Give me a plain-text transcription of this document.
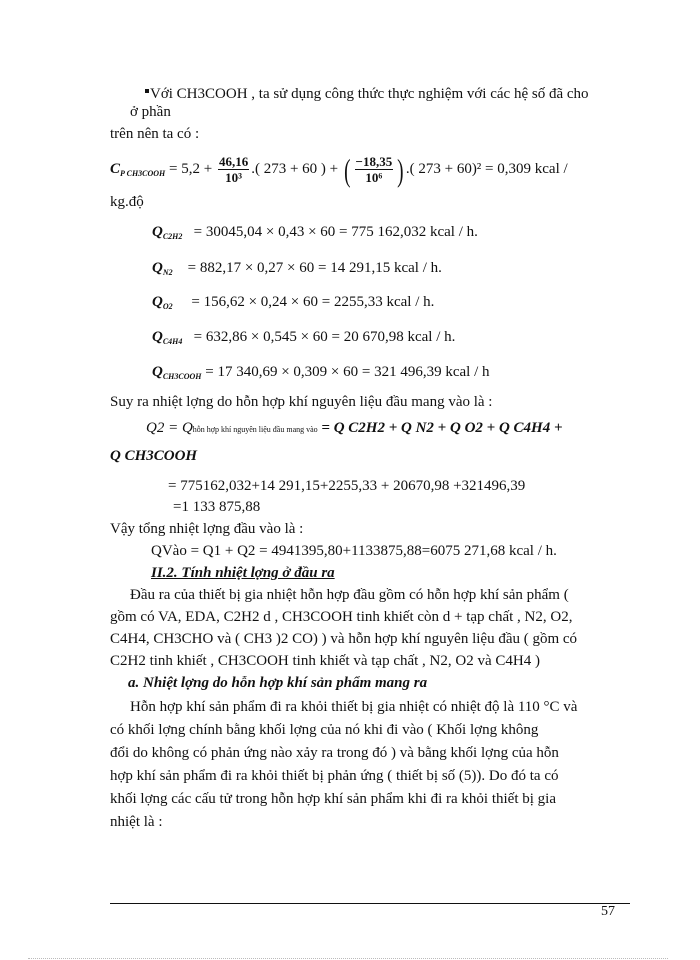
Với CH3COOH , ta sử dụng công thức thực nghiệm với các hệ số đã cho
ở phần
trên nên ta có :
$C_{P CH3COOH} = 5,2 + \frac{46,16}{\text{10³}}$ .( 273 + 60 ) + ( $\frac{-18,35}{\text{10⁶}}$ ) .( 273 + 60)² = 0,309 kcal /
kg.độ
$Q_{C2H2} = 30045,04 \times 0,43 \times 60 = 775$ 162,032 kcal / h.
$Q_{N2} = 882,17 \times 0,27 \times 60 = 14$ 291,15 kcal / h.
$Q_{O2} = 156,62 \times 0,24 \times 60 = 2255,33$ kcal / h.
$Q_{C4H4} = 632,86 \times 0,545 \times 60 = 20$ 670,98 kcal / h.
$Q_{CH3COOH} = 17$ 340,69 × 0,309 × 60 = 321 496,39 kcal / h
Suy ra nhiệt lợng do hỗn hợp khí nguyên liệu đầu mang vào là :
Q2 = Qhỗn hợp khí nguyên liệu đầu mang vào = Q C2H2 + Q N2 + Q O2 + Q C4H4 +
Q CH3COOH
= 775162,032+14 291,15+2255,33 + 20670,98 +321496,39
=1 133 875,88
Vậy tổng nhiệt lợng đầu vào là :
QVào = Q1 + Q2 = 4941395,80+1133875,88=6075 271,68 kcal / h.
II.2. Tính nhiệt lợng ở đầu ra
Đầu ra của thiết bị gia nhiệt hỗn hợp đầu gồm có hỗn hợp khí sản phẩm (
gồm có VA, EDA, C2H2 d , CH3COOH tinh khiết còn d + tạp chất , N2, O2,
C4H4, CH3CHO và ( CH3 )2 CO) ) và hỗn hợp khí nguyên liệu đầu ( gồm có
C2H2 tinh khiết , CH3COOH tinh khiết và tạp chất , N2, O2 và C4H4 )
a. Nhiệt lợng do hỗn hợp khí sản phẩm mang ra
Hỗn hợp khí sản phẩm đi ra khỏi thiết bị gia nhiệt có nhiệt độ là 110 °C và
có khối lợng chính bằng khối lợng của nó khi đi vào ( Khối lợng không
đổi do không có phản ứng nào xảy ra trong đó ) và bằng khối lợng của hỗn
hợp khí sản phẩm đi ra khỏi thiết bị phản ứng ( thiết bị số (5)). Do đó ta có
khối lợng các cấu tử trong hỗn hợp khí sản phẩm khi đi ra khỏi thiết bị gia
nhiệt là :
57
